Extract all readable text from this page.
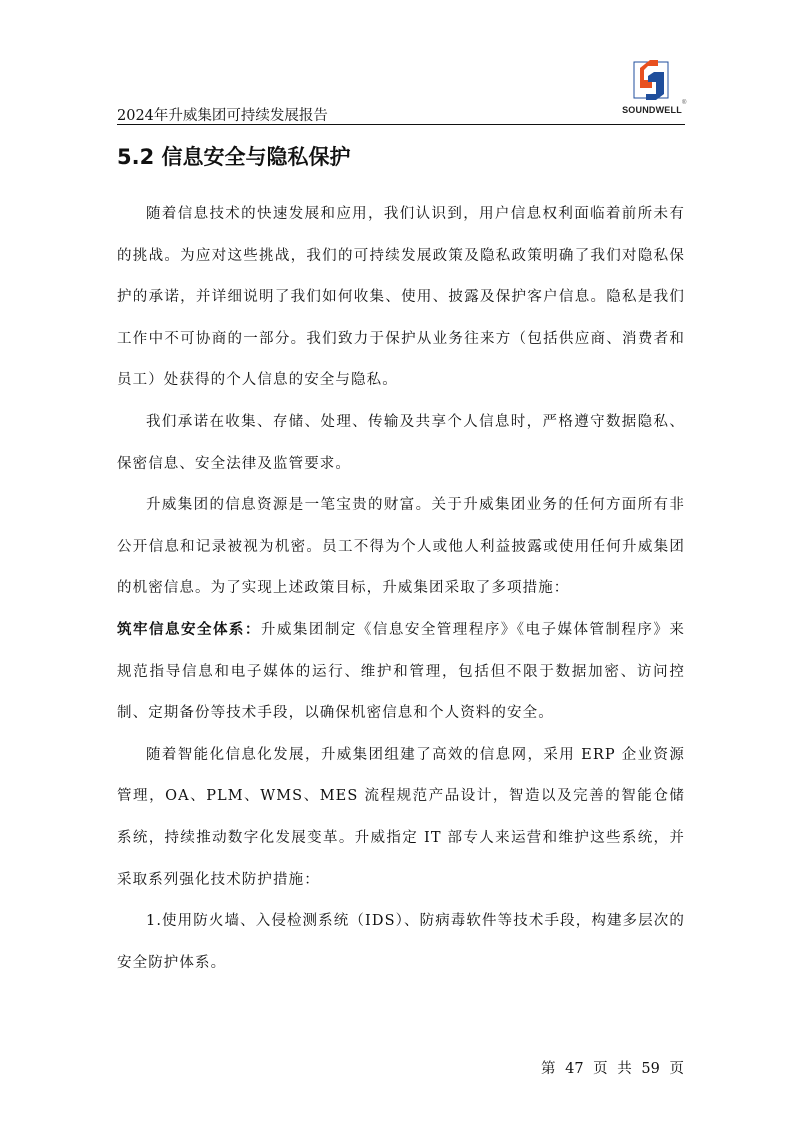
SOUNDWELL
®
2024年升威集团可持续发展报告
5.2 信息安全与隐私保护

随着信息技术的快速发展和应用，我们认识到，用户信息权利面临着前所未有的挑战。为应对这些挑战，我们的可持续发展政策及隐私政策明确了我们对隐私保护的承诺，并详细说明了我们如何收集、使用、披露及保护客户信息。隐私是我们工作中不可协商的一部分。我们致力于保护从业务往来方（包括供应商、消费者和员工）处获得的个人信息的安全与隐私。

我们承诺在收集、存储、处理、传输及共享个人信息时，严格遵守数据隐私、保密信息、安全法律及监管要求。

升威集团的信息资源是一笔宝贵的财富。关于升威集团业务的任何方面所有非公开信息和记录被视为机密。员工不得为个人或他人利益披露或使用任何升威集团的机密信息。为了实现上述政策目标，升威集团采取了多项措施：

筑牢信息安全体系：升威集团制定《信息安全管理程序》《电子媒体管制程序》来规范指导信息和电子媒体的运行、维护和管理，包括但不限于数据加密、访问控制、定期备份等技术手段，以确保机密信息和个人资料的安全。

随着智能化信息化发展，升威集团组建了高效的信息网，采用 ERP 企业资源管理，OA、PLM、WMS、MES 流程规范产品设计，智造以及完善的智能仓储系统，持续推动数字化发展变革。升威指定 IT 部专人来运营和维护这些系统，并采取系列强化技术防护措施：

1.使用防火墙、入侵检测系统（IDS）、防病毒软件等技术手段，构建多层次的安全防护体系。

第 47 页 共 59 页
